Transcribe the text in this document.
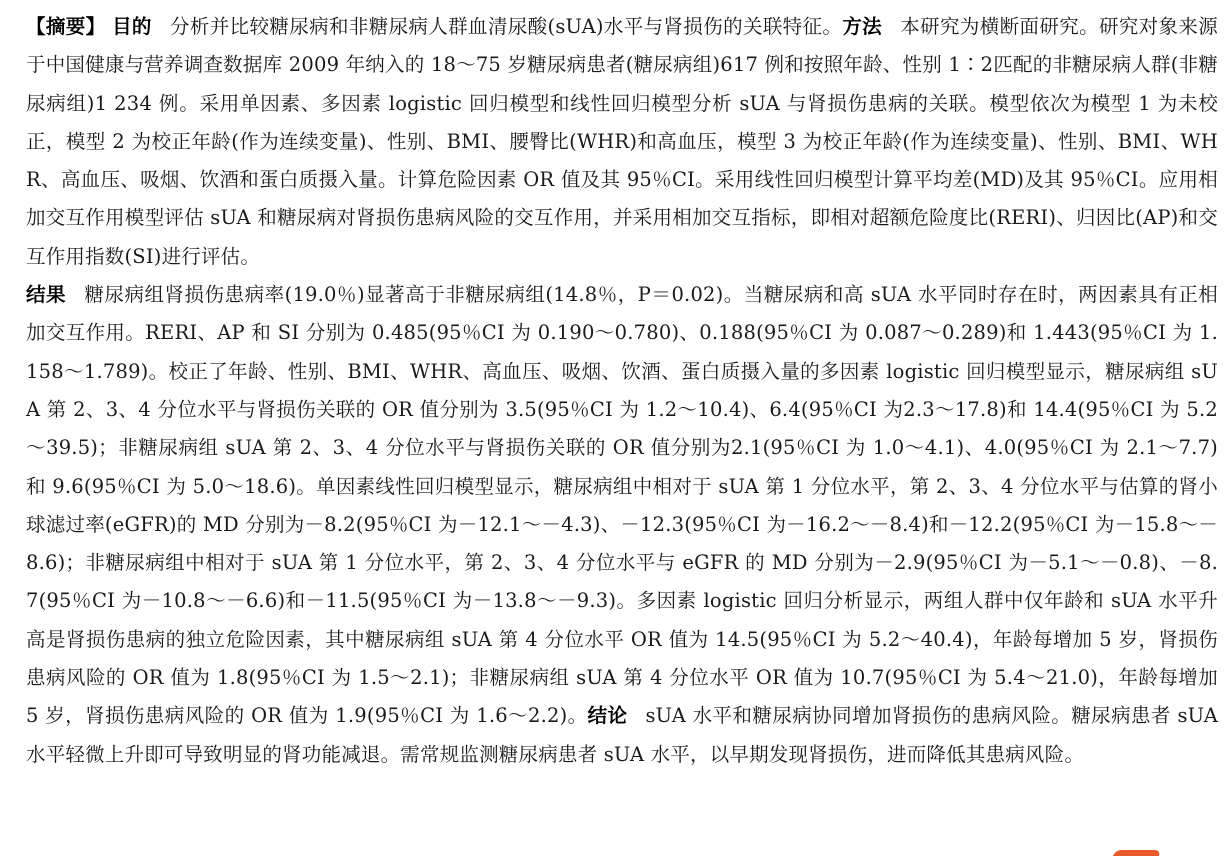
【摘要】 目的 分析并比较糖尿病和非糖尿病人群血清尿酸(sUA)水平与肾损伤的关联特征。方法 本研究为横断面研究。研究对象来源于中国健康与营养调查数据库 2009 年纳入的 18～75 岁糖尿病患者(糖尿病组)617 例和按照年龄、性别 1∶2匹配的非糖尿病人群(非糖尿病组)1 234 例。采用单因素、多因素 logistic 回归模型和线性回归模型分析 sUA 与肾损伤患病的关联。模型依次为模型 1 为未校正，模型 2 为校正年龄(作为连续变量)、性别、BMI、腰臀比(WHR)和高血压，模型 3 为校正年龄(作为连续变量)、性别、BMI、WHR、高血压、吸烟、饮酒和蛋白质摄入量。计算危险因素 OR 值及其 95％CI。采用线性回归模型计算平均差(MD)及其 95％CI。应用相加交互作用模型评估 sUA 和糖尿病对肾损伤患病风险的交互作用，并采用相加交互指标，即相对超额危险度比(RERI)、归因比(AP)和交互作用指数(SI)进行评估。
结果 糖尿病组肾损伤患病率(19.0％)显著高于非糖尿病组(14.8％，P＝0.02)。当糖尿病和高 sUA 水平同时存在时，两因素具有正相加交互作用。RERI、AP 和 SI 分别为 0.485(95％CI 为 0.190～0.780)、0.188(95％CI 为 0.087～0.289)和 1.443(95％CI 为 1.158～1.789)。校正了年龄、性别、BMI、WHR、高血压、吸烟、饮酒、蛋白质摄入量的多因素 logistic 回归模型显示，糖尿病组 sUA 第 2、3、4 分位水平与肾损伤关联的 OR 值分别为 3.5(95％CI 为 1.2～10.4)、6.4(95％CI 为2.3～17.8)和 14.4(95％CI 为 5.2～39.5)；非糖尿病组 sUA 第 2、3、4 分位水平与肾损伤关联的 OR 值分别为2.1(95％CI 为 1.0～4.1)、4.0(95％CI 为 2.1～7.7)和 9.6(95％CI 为 5.0～18.6)。单因素线性回归模型显示，糖尿病组中相对于 sUA 第 1 分位水平，第 2、3、4 分位水平与估算的肾小球滤过率(eGFR)的 MD 分别为－8.2(95％CI 为－12.1～－4.3)、－12.3(95％CI 为－16.2～－8.4)和－12.2(95％CI 为－15.8～－8.6)；非糖尿病组中相对于 sUA 第 1 分位水平，第 2、3、4 分位水平与 eGFR 的 MD 分别为－2.9(95％CI 为－5.1～－0.8)、－8.7(95％CI 为－10.8～－6.6)和－11.5(95％CI 为－13.8～－9.3)。多因素 logistic 回归分析显示，两组人群中仅年龄和 sUA 水平升高是肾损伤患病的独立危险因素，其中糖尿病组 sUA 第 4 分位水平 OR 值为 14.5(95％CI 为 5.2～40.4)，年龄每增加 5 岁，肾损伤患病风险的 OR 值为 1.8(95％CI 为 1.5～2.1)；非糖尿病组 sUA 第 4 分位水平 OR 值为 10.7(95％CI 为 5.4～21.0)，年龄每增加 5 岁，肾损伤患病风险的 OR 值为 1.9(95％CI 为 1.6～2.2)。结论 sUA 水平和糖尿病协同增加肾损伤的患病风险。糖尿病患者 sUA 水平轻微上升即可导致明显的肾功能减退。需常规监测糖尿病患者 sUA 水平，以早期发现肾损伤，进而降低其患病风险。
